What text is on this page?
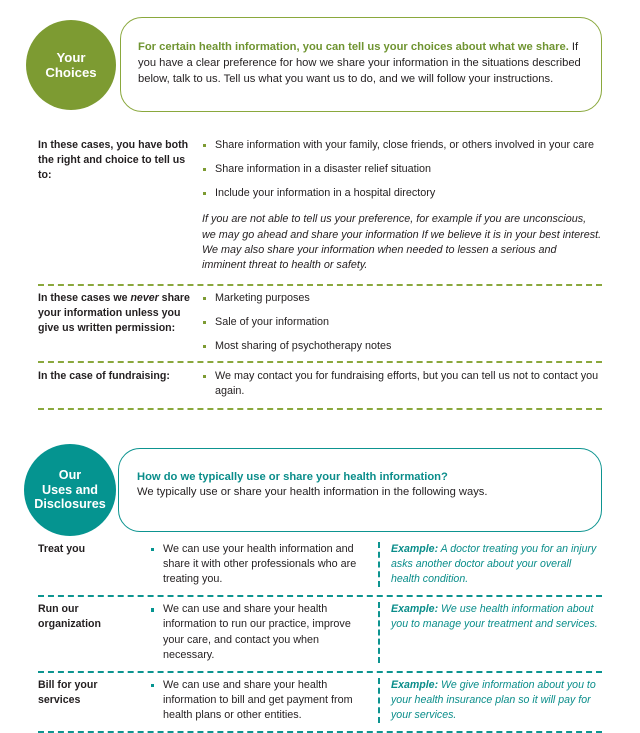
Your
Choices

For certain health information, you can tell us your choices about what we share. If you have a clear preference for how we share your information in the situations described below, talk to us. Tell us what you want us to do, and we will follow your instructions.

In these cases, you have both the right and choice to tell us to:
Share information with your family, close friends, or others involved in your care
Share information in a disaster relief situation
Include your information in a hospital directory
If you are not able to tell us your preference, for example if you are unconscious, we may go ahead and share your information If we believe it is in your best interest. We may also share your information when needed to lessen a serious and imminent threat to health or safety.
In these cases we never share your information unless you give us written permission:
Marketing purposes
Sale of your information
Most sharing of psychotherapy notes
In the case of fundraising:	We may contact you for fundraising efforts, but you can tell us not to contact you again.
Our
Uses and
Disclosures
How do we typically use or share your health information?

We typically use or share your health information in the following ways.

Treat you	We can use your health information and share it with other professionals who are treating you.
Example: A doctor treating you for an injury asks another doctor about your overall health condition.
Run our organization
We can use and share your health information to run our practice, improve your care, and contact you when necessary.
Example: We use health information about you to manage your treatment and services.
Bill for your services
We can use and share your health information to bill and get payment from health plans or other entities.
Example: We give information about you to your health insurance plan so it will pay for your services.
